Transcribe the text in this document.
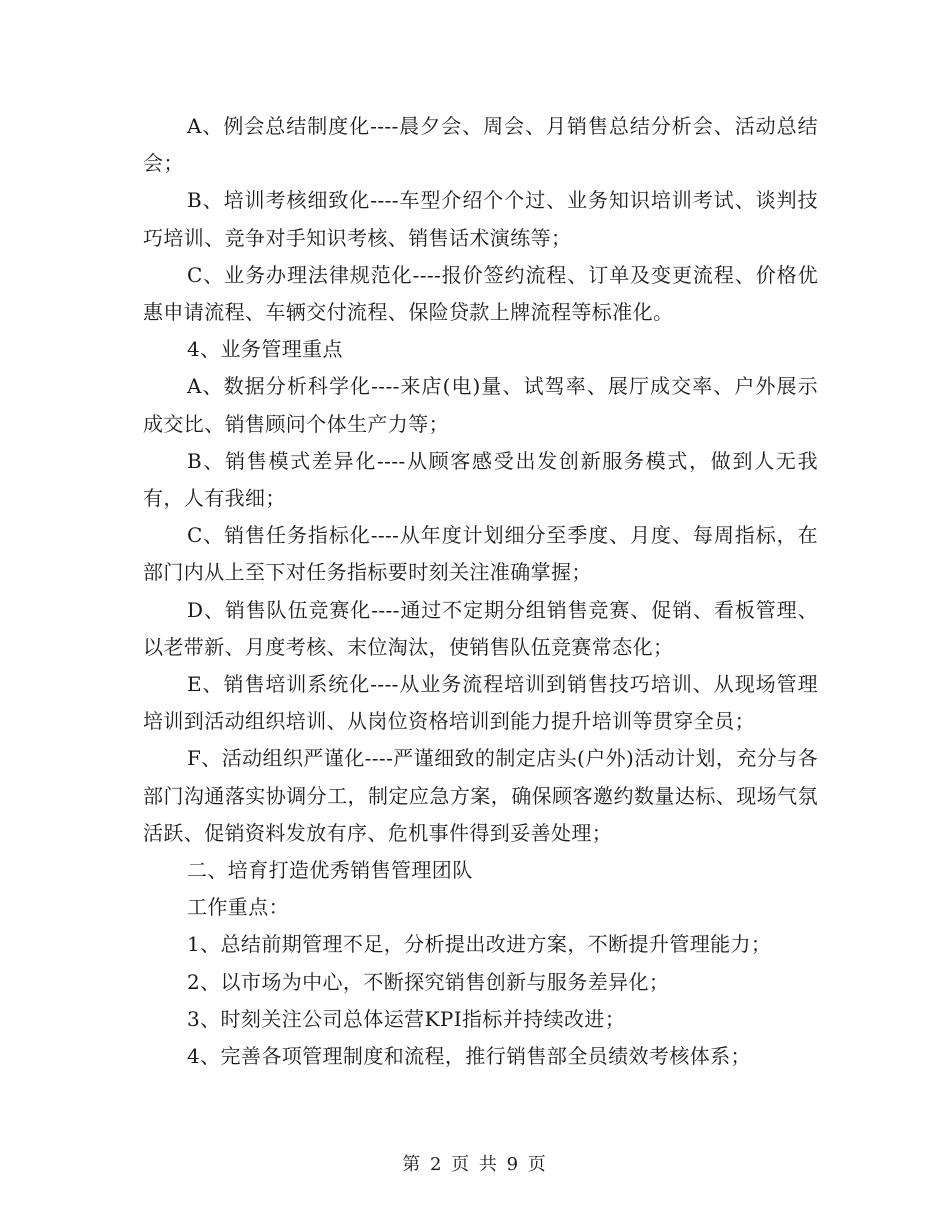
A、例会总结制度化----晨夕会、周会、月销售总结分析会、活动总结会；

B、培训考核细致化----车型介绍个个过、业务知识培训考试、谈判技巧培训、竞争对手知识考核、销售话术演练等；

C、业务办理法律规范化----报价签约流程、订单及变更流程、价格优惠申请流程、车辆交付流程、保险贷款上牌流程等标准化。

4、业务管理重点

A、数据分析科学化----来店(电)量、试驾率、展厅成交率、户外展示成交比、销售顾问个体生产力等；

B、销售模式差异化----从顾客感受出发创新服务模式，做到人无我有，人有我细；

C、销售任务指标化----从年度计划细分至季度、月度、每周指标，在部门内从上至下对任务指标要时刻关注准确掌握；

D、销售队伍竞赛化----通过不定期分组销售竞赛、促销、看板管理、以老带新、月度考核、末位淘汰，使销售队伍竞赛常态化；

E、销售培训系统化----从业务流程培训到销售技巧培训、从现场管理培训到活动组织培训、从岗位资格培训到能力提升培训等贯穿全员；

F、活动组织严谨化----严谨细致的制定店头(户外)活动计划，充分与各部门沟通落实协调分工，制定应急方案，确保顾客邀约数量达标、现场气氛活跃、促销资料发放有序、危机事件得到妥善处理；

二、培育打造优秀销售管理团队

工作重点：

1、总结前期管理不足，分析提出改进方案，不断提升管理能力；

2、以市场为中心，不断探究销售创新与服务差异化；

3、时刻关注公司总体运营KPI指标并持续改进；

4、完善各项管理制度和流程，推行销售部全员绩效考核体系；

第 2 页 共 9 页
